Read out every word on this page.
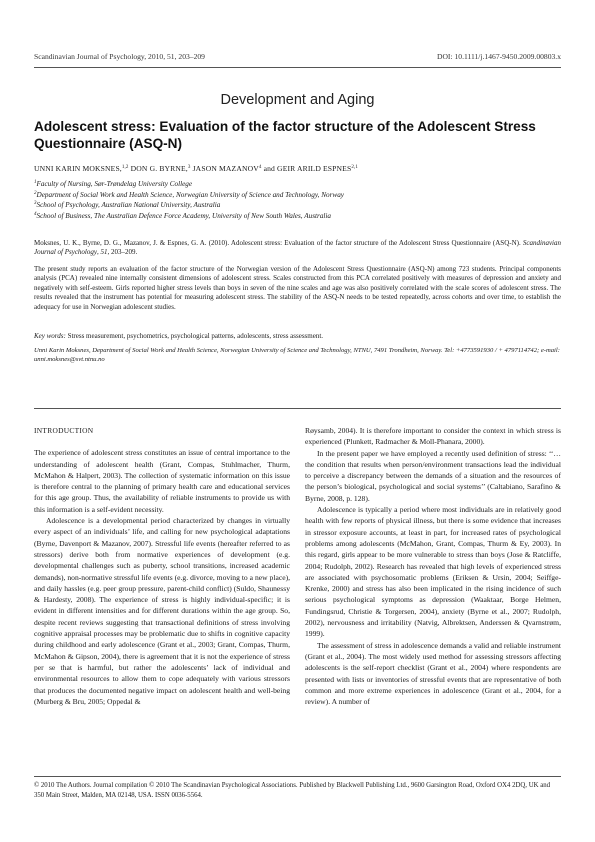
Scandinavian Journal of Psychology, 2010, 51, 203–209	DOI: 10.1111/j.1467-9450.2009.00803.x
Development and Aging
Adolescent stress: Evaluation of the factor structure of the Adolescent Stress Questionnaire (ASQ-N)
UNNI KARIN MOKSNES,$^{1,2}$ DON G. BYRNE,$^3$ JASON MAZANOV$^4$ and GEIR ARILD ESPNES$^{2,1}$
$^1$Faculty of Nursing, Sør-Trøndelag University College
$^2$Department of Social Work and Health Science, Norwegian University of Science and Technology, Norway
$^3$School of Psychology, Australian National University, Australia
$^4$School of Business, The Australian Defence Force Academy, University of New South Wales, Australia
Moksnes, U. K., Byrne, D. G., Mazanov, J. & Espnes, G. A. (2010). Adolescent stress: Evaluation of the factor structure of the Adolescent Stress Questionnaire (ASQ-N). Scandinavian Journal of Psychology, 51, 203–209.
The present study reports an evaluation of the factor structure of the Norwegian version of the Adolescent Stress Questionnaire (ASQ-N) among 723 students. Principal components analysis (PCA) revealed nine internally consistent dimensions of adolescent stress. Scales constructed from this PCA correlated positively with measures of depression and anxiety and negatively with self-esteem. Girls reported higher stress levels than boys in seven of the nine scales and age was also positively correlated with the scale scores of adolescent stress. The results revealed that the instrument has potential for measuring adolescent stress. The stability of the ASQ-N needs to be tested repeatedly, across cohorts and over time, to establish the adequacy for use in Norwegian adolescent studies.
Key words: Stress measurement, psychometrics, psychological patterns, adolescents, stress assessment.
Unni Karin Moksnes, Department of Social Work and Health Science, Norwegian University of Science and Technology, NTNU, 7491 Trondheim, Norway. Tel: +4773591930 / + 4797114742; e-mail: unni.moksnes@svt.ntnu.no
INTRODUCTION

The experience of adolescent stress constitutes an issue of central importance to the understanding of adolescent health (Grant, Compas, Stuhlmacher, Thurm, McMahon & Halpert, 2003). The collection of systematic information on this issue is therefore central to the planning of primary health care and educational services for this age group. Thus, the availability of reliable instruments to provide us with this information is a self-evident necessity.

Adolescence is a developmental period characterized by changes in virtually every aspect of an individuals’ life, and calling for new psychological adaptations (Byrne, Davenport & Mazanov, 2007). Stressful life events (hereafter referred to as stressors) derive both from normative experiences of development (e.g. developmental challenges such as puberty, school transitions, increased academic demands), non-normative stressful life events (e.g. divorce, moving to a new place), and daily hassles (e.g. peer group pressure, parent-child conflict) (Suldo, Shaunessy & Hardesty, 2008). The experience of stress is highly individual-specific; it is evident in different intensities and for different durations within the age group. So, despite recent reviews suggesting that transactional definitions of stress involving cognitive appraisal processes may be problematic due to shifts in cognitive capacity during childhood and early adolescence (Grant et al., 2003; Grant, Compas, Thurm, McMahon & Gipson, 2004), there is agreement that it is not the experience of stress per se that is harmful, but rather the adolescents’ lack of individual and environmental resources to allow them to cope adequately with various stressors that produces the documented negative impact on adolescent health and well-being (Murberg & Bru, 2005; Oppedal &

Røysamb, 2004). It is therefore important to consider the context in which stress is experienced (Plunkett, Radmacher & Moll-Phanara, 2000).

In the present paper we have employed a recently used definition of stress: ‘‘…the condition that results when person/environment transactions lead the individual to perceive a discrepancy between the demands of a situation and the resources of the person’s biological, psychological and social systems’’ (Caltabiano, Sarafino & Byrne, 2008, p. 128).

Adolescence is typically a period where most individuals are in relatively good health with few reports of physical illness, but there is some evidence that increases in stressor exposure accounts, at least in part, for increased rates of psychological problems among adolescents (McMahon, Grant, Compas, Thurm & Ey, 2003). In this regard, girls appear to be more vulnerable to stress than boys (Jose & Ratcliffe, 2004; Rudolph, 2002). Research has revealed that high levels of experienced stress are associated with psychosomatic problems (Eriksen & Ursin, 2004; Seiffge-Krenke, 2000) and stress has also been implicated in the rising incidence of such serious psychological symptoms as depression (Waaktaar, Borge Helmen, Fundingsrud, Christie & Torgersen, 2004), anxiety (Byrne et al., 2007; Rudolph, 2002), nervousness and irritability (Natvig, Albrektsen, Anderssen & Qvarnstrøm, 1999).

The assessment of stress in adolescence demands a valid and reliable instrument (Grant et al., 2004). The most widely used method for assessing stressors affecting adolescents is the self-report checklist (Grant et al., 2004) where respondents are presented with lists or inventories of stressful events that are representative of both common and more extreme experiences in adolescence (Grant et al., 2004, for a review). A number of

© 2010 The Authors. Journal compilation © 2010 The Scandinavian Psychological Associations. Published by Blackwell Publishing Ltd., 9600 Garsington Road, Oxford OX4 2DQ, UK and 350 Main Street, Malden, MA 02148, USA. ISSN 0036-5564.
